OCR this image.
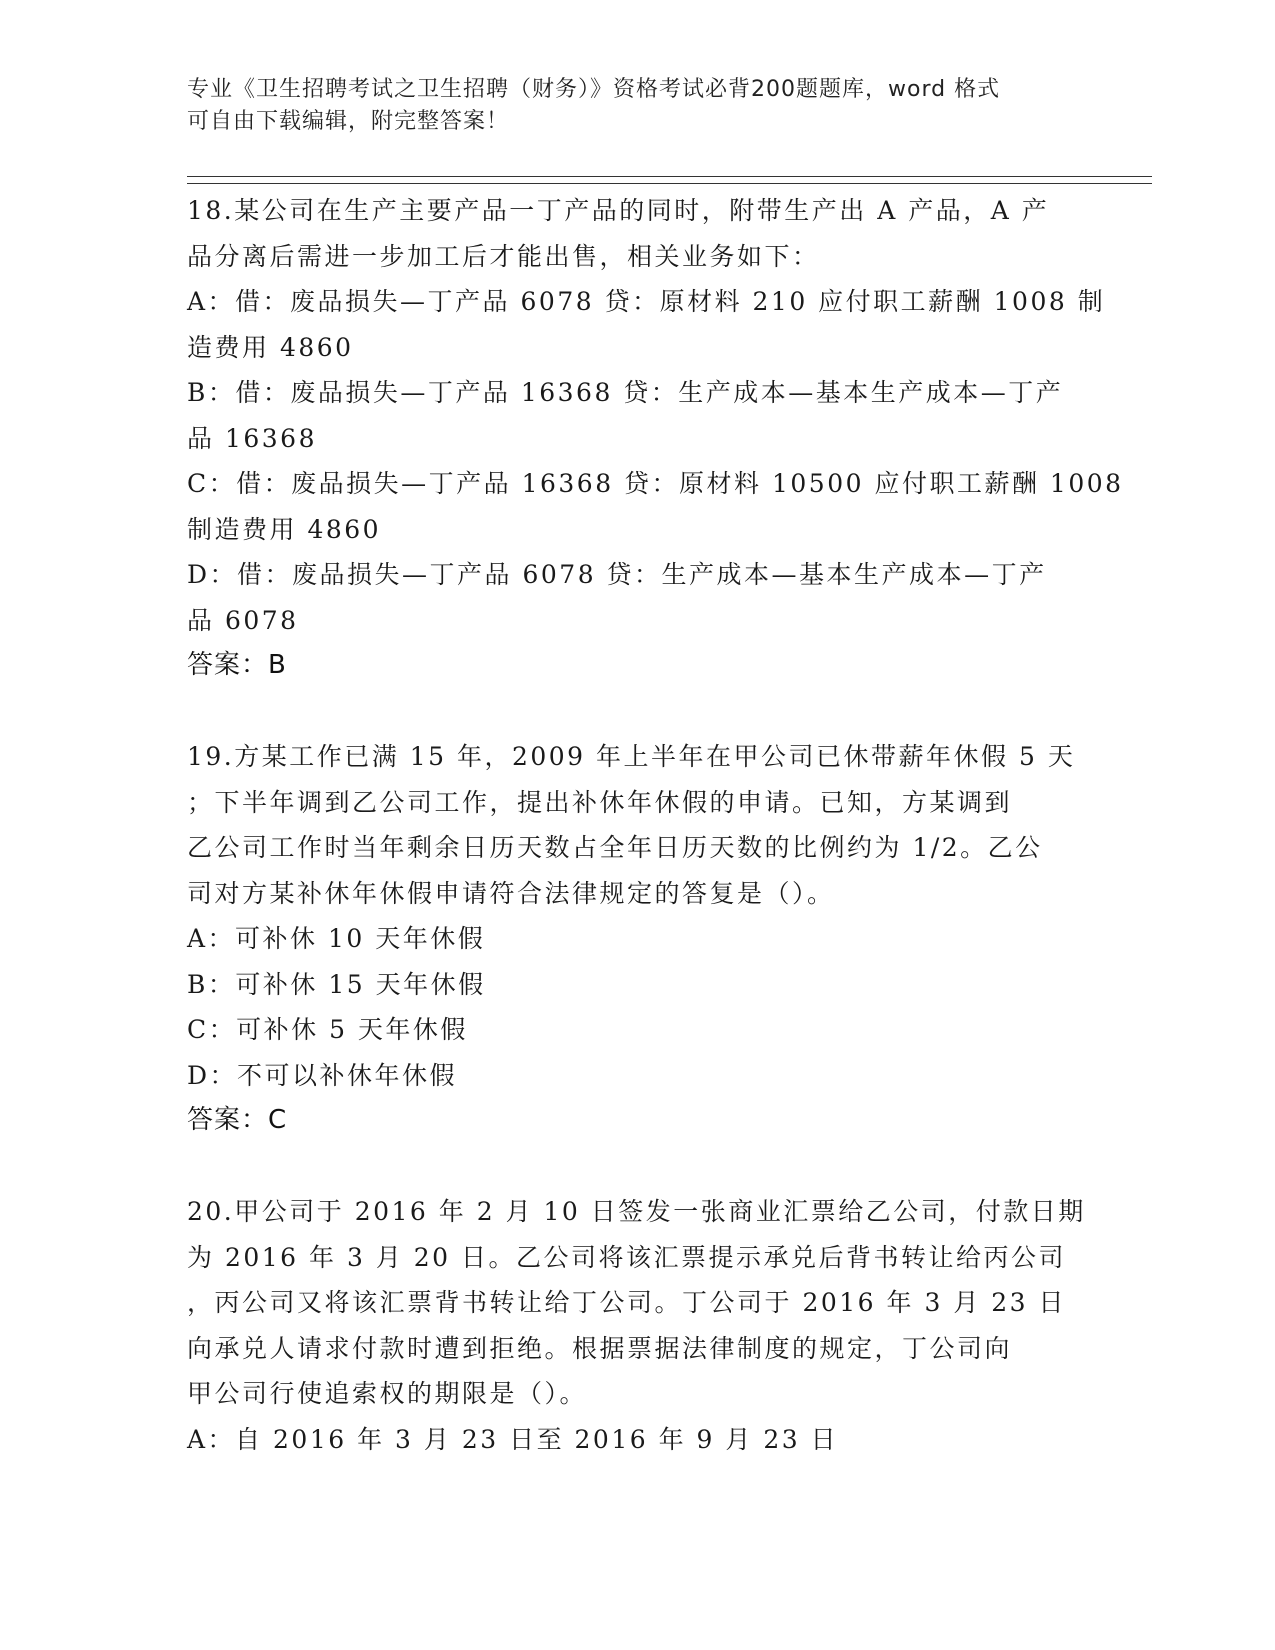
专业《卫生招聘考试之卫生招聘（财务）》资格考试必背200题题库，word 格式
可自由下载编辑，附完整答案！
18.某公司在生产主要产品一丁产品的同时，附带生产出 A 产品，A 产
品分离后需进一步加工后才能出售，相关业务如下：
A：借：废品损失—丁产品 6078 贷：原材料 210 应付职工薪酬 1008 制
造费用 4860
B：借：废品损失—丁产品 16368 贷：生产成本—基本生产成本—丁产
品 16368
C：借：废品损失—丁产品 16368 贷：原材料 10500 应付职工薪酬 1008
制造费用 4860
D：借：废品损失—丁产品 6078 贷：生产成本—基本生产成本—丁产
品 6078
答案：B
19.方某工作已满 15 年，2009 年上半年在甲公司已休带薪年休假 5 天
；下半年调到乙公司工作，提出补休年休假的申请。已知，方某调到
乙公司工作时当年剩余日历天数占全年日历天数的比例约为 1/2。乙公
司对方某补休年休假申请符合法律规定的答复是（）。
A：可补休 10 天年休假
B：可补休 15 天年休假
C：可补休 5 天年休假
D：不可以补休年休假
答案：C
20.甲公司于 2016 年 2 月 10 日签发一张商业汇票给乙公司，付款日期
为 2016 年 3 月 20 日。乙公司将该汇票提示承兑后背书转让给丙公司
，丙公司又将该汇票背书转让给丁公司。丁公司于 2016 年 3 月 23 日
向承兑人请求付款时遭到拒绝。根据票据法律制度的规定，丁公司向
甲公司行使追索权的期限是（）。
A：自 2016 年 3 月 23 日至 2016 年 9 月 23 日
